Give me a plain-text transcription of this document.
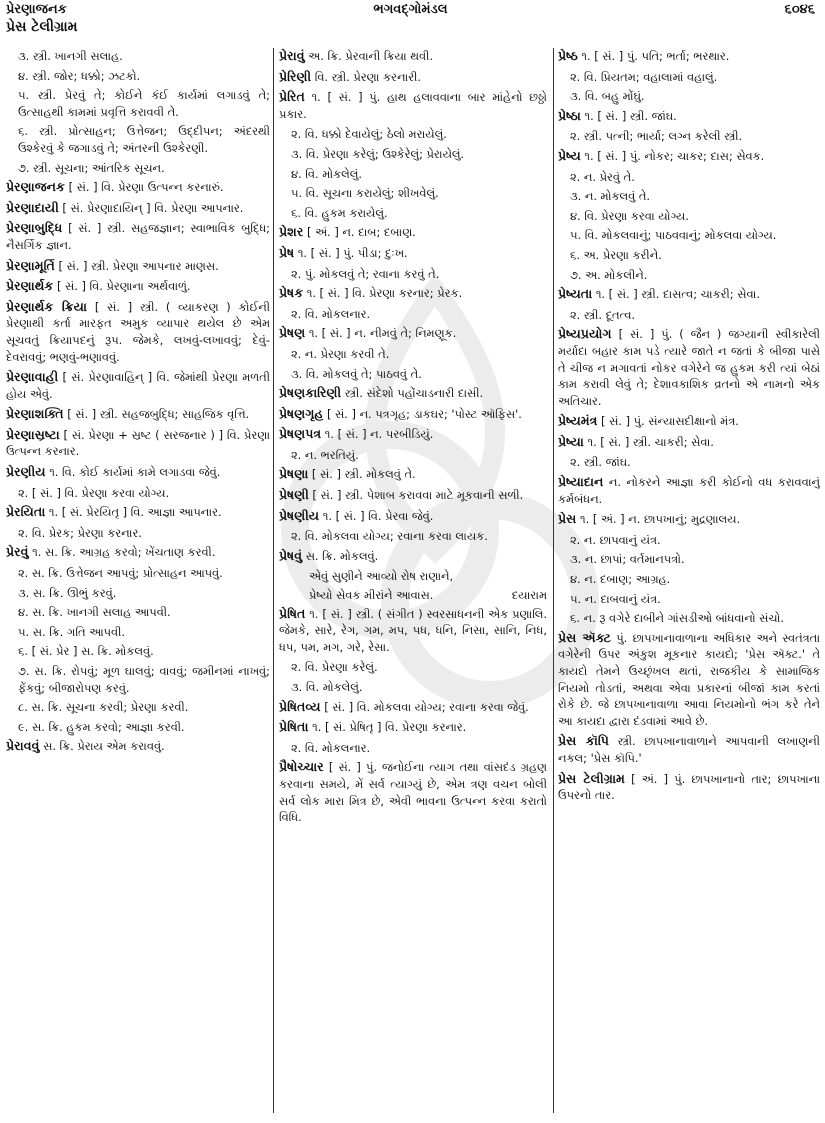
પ્રેરણાજનક	ભગવદ્ગોમંડલ	૬૦૪૬
પ્રેસ ટેલીગ્રામ
૩. સ્ત્રી. ખાનગી સલાહ.
૪. સ્ત્રી. જોર; ધક્કો; ઝટકો.
૫. સ્ત્રી. પ્રેરવું તે; કોઈને કંઈ કાર્યમાં લગાડવું તે; ઉત્સાહથી કામમાં પ્રવૃત્તિ કરાવવી તે.
૬. સ્ત્રી. પ્રોત્સાહન; ઉત્તેજન; ઉદ્દીપન; અંદરથી ઉશ્કેરવું કે જગાડવું તે; અંતરની ઉશ્કેરણી.
૭. સ્ત્રી. સૂચના; આંતરિક સૂચન.
પ્રેરણાજનક [ સં. ] વિ. પ્રેરણા ઉત્પન્ન કરનારું.
પ્રેરણાદાયી [ સં. પ્રેરણાદાયિન્ ] વિ. પ્રેરણા આપનાર.
પ્રેરણાબુદ્ધિ [ સં. ] સ્ત્રી. સહજજ્ઞાન; સ્વાભાવિક બુદ્ધિ; નૈસર્ગિક જ્ઞાન.
પ્રેરણામૂર્તિ [ સં. ] સ્ત્રી. પ્રેરણા આપનાર માણસ.
પ્રેરણાર્થક [ સં. ] વિ. પ્રેરણાના અર્થવાળું.
પ્રેરણાર્થક ક્રિયા [ સં. ] સ્ત્રી. ( વ્યાકરણ ) કોઈની પ્રેરણાથી કર્તા મારફત અમુક વ્યાપાર થયેલ છે એમ સૂચવતું ક્રિયાપદનું રૂપ. જેમકે, લખવું-લખાવવું; દેવું-દેવરાવવું; ભણવું-ભણાવવું.
પ્રેરણાવાહી [ સં. પ્રેરણાવાહિન્ ] વિ. જેમાંથી પ્રેરણા મળતી હોય એવું.
પ્રેરણાશક્તિ [ સં. ] સ્ત્રી. સહજબુદ્ધિ; સાહજિક વૃત્તિ.
પ્રેરણાસ્રષ્ટા [ સં. પ્રેરણા + સ્રષ્ટ ( સરજનાર ) ] વિ. પ્રેરણા ઉત્પન્ન કરનાર.
પ્રેરણીય ૧. વિ. કોઈ કાર્યમાં કામે લગાડવા જેવું.
૨. [ સં. ] વિ. પ્રેરણા કરવા યોગ્ય.
પ્રેરયિતા ૧. [ સં. પ્રેરયિતૃ ] વિ. આજ્ઞા આપનાર.
૨. વિ. પ્રેરક; પ્રેરણા કરનાર.
પ્રેરવું ૧. સ. ક્રિ. આગ્રહ કરવો; ખેંચતાણ કરવી.
૨. સ. ક્રિ. ઉત્તેજન આપવું; પ્રોત્સાહન આપવું.
૩. સ. ક્રિ. ઊભું કરવું.
૪. સ. ક્રિ. ખાનગી સલાહ આપવી.
૫. સ. ક્રિ. ગતિ આપવી.
૬. [ સં. પ્રેર ] સ. ક્રિ. મોકલવું.
૭. સ. ક્રિ. રોપવું; મૂળ ઘાલવું; વાવવું; જમીનમાં નાખવું; ફેંકવું; બીજારોપણ કરવું.
૮. સ. ક્રિ. સૂચના કરવી; પ્રેરણા કરવી.
૯. સ. ક્રિ. હુકમ કરવો; આજ્ઞા કરવી.
પ્રેરાવવું સ. ક્રિ. પ્રેરાય એમ કરાવવું.
પ્રેરાવું અ. ક્રિ. પ્રેરવાની ક્રિયા થવી.
પ્રેરિણી વિ. સ્ત્રી. પ્રેરણા કરનારી.
પ્રેરિત ૧. [ સં. ] પું. હાથ હલાવવાના બાર માંહેનો છઠ્ઠો પ્રકાર.
૨. વિ. ધક્કો દેવાયેલું; ઠેલો મરાયેલું.
૩. વિ. પ્રેરણા કરેલું; ઉશ્કેરેલું; પ્રેરાયેલું.
૪. વિ. મોકલેલું.
૫. વિ. સૂચના કરાયેલું; શીખવેલું.
૬. વિ. હુકમ કરાયેલું.
પ્રેશર [ અં. ] ન. દાબ; દબાણ.
પ્રેષ ૧. [ સં. ] પું. પીડા; દુઃખ.
૨. પું. મોકલવું તે; રવાના કરવું તે.
પ્રેષક ૧. [ સં. ] વિ. પ્રેરણા કરનાર; પ્રેરક.
૨. વિ. મોકલનાર.
પ્રેષણ ૧. [ સં. ] ન. નીમવું તે; નિમણૂક.
૨. ન. પ્રેરણા કરવી તે.
૩. વિ. મોકલવું તે; પાઠવવું તે.
પ્રેષણકારિણી સ્ત્રી. સંદેશો પહોંચાડનારી દાસી.
પ્રેષણગૃહ [ સં. ] ન. પત્રગૃહ; ડાકઘર; 'પોસ્ટ ઑફિસ'.
પ્રેષણપત્ર ૧. [ સં. ] ન. પરબીડિયું.
૨. ન. ભરતિયું.
પ્રેષણા [ સં. ] સ્ત્રી. મોકલવું તે.
પ્રેષણી [ સં. ] સ્ત્રી. પેશાબ કરાવવા માટે મૂકવાની સળી.
પ્રેષણીય ૧. [ સં. ] વિ. પ્રેરવા જેવું.
૨. વિ. મોકલવા યોગ્ય; રવાના કરવા લાયક.
પ્રેષવું સ. ક્રિ. મોકલવું.
એવું સુણીને આવ્યો રોષ રાણાને,
દયારામ
પ્રેષ્યો સેવક મીરાંને આવાસ.
પ્રેષિત ૧. [ સં. ] સ્ત્રી. ( સંગીત ) સ્વરસાધનની એક પ્રણાલિ. જેમકે, સારે, રેગ, ગમ, મપ, પધ, ધનિ, નિસા, સાનિ, નિધ, ધપ, પમ, મગ, ગરે, રેસા.
૨. વિ. પ્રેરણા કરેલું.
૩. વિ. મોકલેલું.
પ્રેષિતવ્ય [ સં. ] વિ. મોકલવા યોગ્ય; રવાના કરવા જેવું.
પ્રેષિતા ૧. [ સં. પ્રેષિતૃ ] વિ. પ્રેરણા કરનાર.
૨. વિ. મોકલનાર.
પ્રૈષોચ્ચાર [ સં. ] પું. જનોઈના ત્યાગ તથા વાંસદંડ ગ્રહણ કરવાના સમયે, મેં સર્વ ત્યાગ્યું છે, એમ ત્રણ વચન બોલી સર્વ લોક મારા મિત્ર છે, એવી ભાવના ઉત્પન્ન કરવા કરાતો વિધિ.
પ્રેષ્ઠ ૧. [ સં. ] પું. પતિ; ભર્તા; ભરથાર.
૨. વિ. પ્રિયતમ; વહાલામાં વહાલું.
૩. વિ. બહુ મોંઘું.
પ્રેષ્ઠા ૧. [ સં. ] સ્ત્રી. જાંઘ.
૨. સ્ત્રી. પત્ની; ભાર્યા; લગ્ન કરેલી સ્ત્રી.
પ્રેષ્ય ૧. [ સં. ] પું. નોકર; ચાકર; દાસ; સેવક.
૨. ન. પ્રેરવું તે.
૩. ન. મોકલવું તે.
૪. વિ. પ્રેરણા કરવા યોગ્ય.
૫. વિ. મોકલવાનું; પાઠવવાનું; મોકલવા યોગ્ય.
૬. અ. પ્રેરણા કરીને.
૭. અ. મોકલીને.
પ્રેષ્યતા ૧. [ સં. ] સ્ત્રી. દાસત્વ; ચાકરી; સેવા.
૨. સ્ત્રી. દૂતત્વ.
પ્રેષ્યપ્રયોગ [ સં. ] પું. ( જૈન ) જગ્યાની સ્વીકારેલી મર્યાદા બહાર કામ પડે ત્યારે જાતે ન જતાં કે બીજા પાસે તે ચીજ ન મગાવતાં નોકર વગેરેને જ હુકમ કરી ત્યાં બેઠાં કામ કરાવી લેવું તે; દેશાવકાશિક વ્રતનો એ નામનો એક અતિચાર.
પ્રેષ્યમંત્ર [ સં. ] પું. સંન્યાસદીક્ષાનો મંત્ર.
પ્રેષ્યા ૧. [ સં. ] સ્ત્રી. ચાકરી; સેવા.
૨. સ્ત્રી. જાંઘ.
પ્રેષ્યાદાન ન. નોકરને આજ્ઞા કરી કોઈનો વધ કરાવવાનું કર્મબંધન.
પ્રેસ ૧. [ અં. ] ન. છાપખાનું; મુદ્રણાલય.
૨. ન. છાપવાનું યંત્ર.
૩. ન. છાપાં; વર્તમાનપત્રો.
૪. ન. દબાણ; આગ્રહ.
૫. ન. દાબવાનું યંત્ર.
૬. ન. રૂ વગેરે દાબીને ગાંસડીઓ બાંધવાનો સંચો.
પ્રેસ ઍક્ટ પું. છાપખાનાવાળાના અધિકાર અને સ્વતંત્રતા વગેરેની ઉપર અંકુશ મૂકનાર કાયદો; 'પ્રેસ ઍક્ટ.' તે કાયદો તેમને ઉચ્છૃંખલ થતાં, રાજકીય કે સામાજિક નિયમો તોડતાં, અથવા એવા પ્રકારનાં બીજાં કામ કરતાં રોકે છે. જે છાપખાનાવાળા આવા નિયમોનો ભંગ કરે તેને આ કાયદા દ્વારા દંડવામાં આવે છે.
પ્રેસ કૉપિ સ્ત્રી. છાપખાનાવાળાને આપવાની લખાણની નકલ; 'પ્રેસ કૉપિ.'
પ્રેસ ટેલીગ્રામ [ અં. ] પું. છાપખાનાનો તાર; છાપખાના ઉપરનો તાર.
